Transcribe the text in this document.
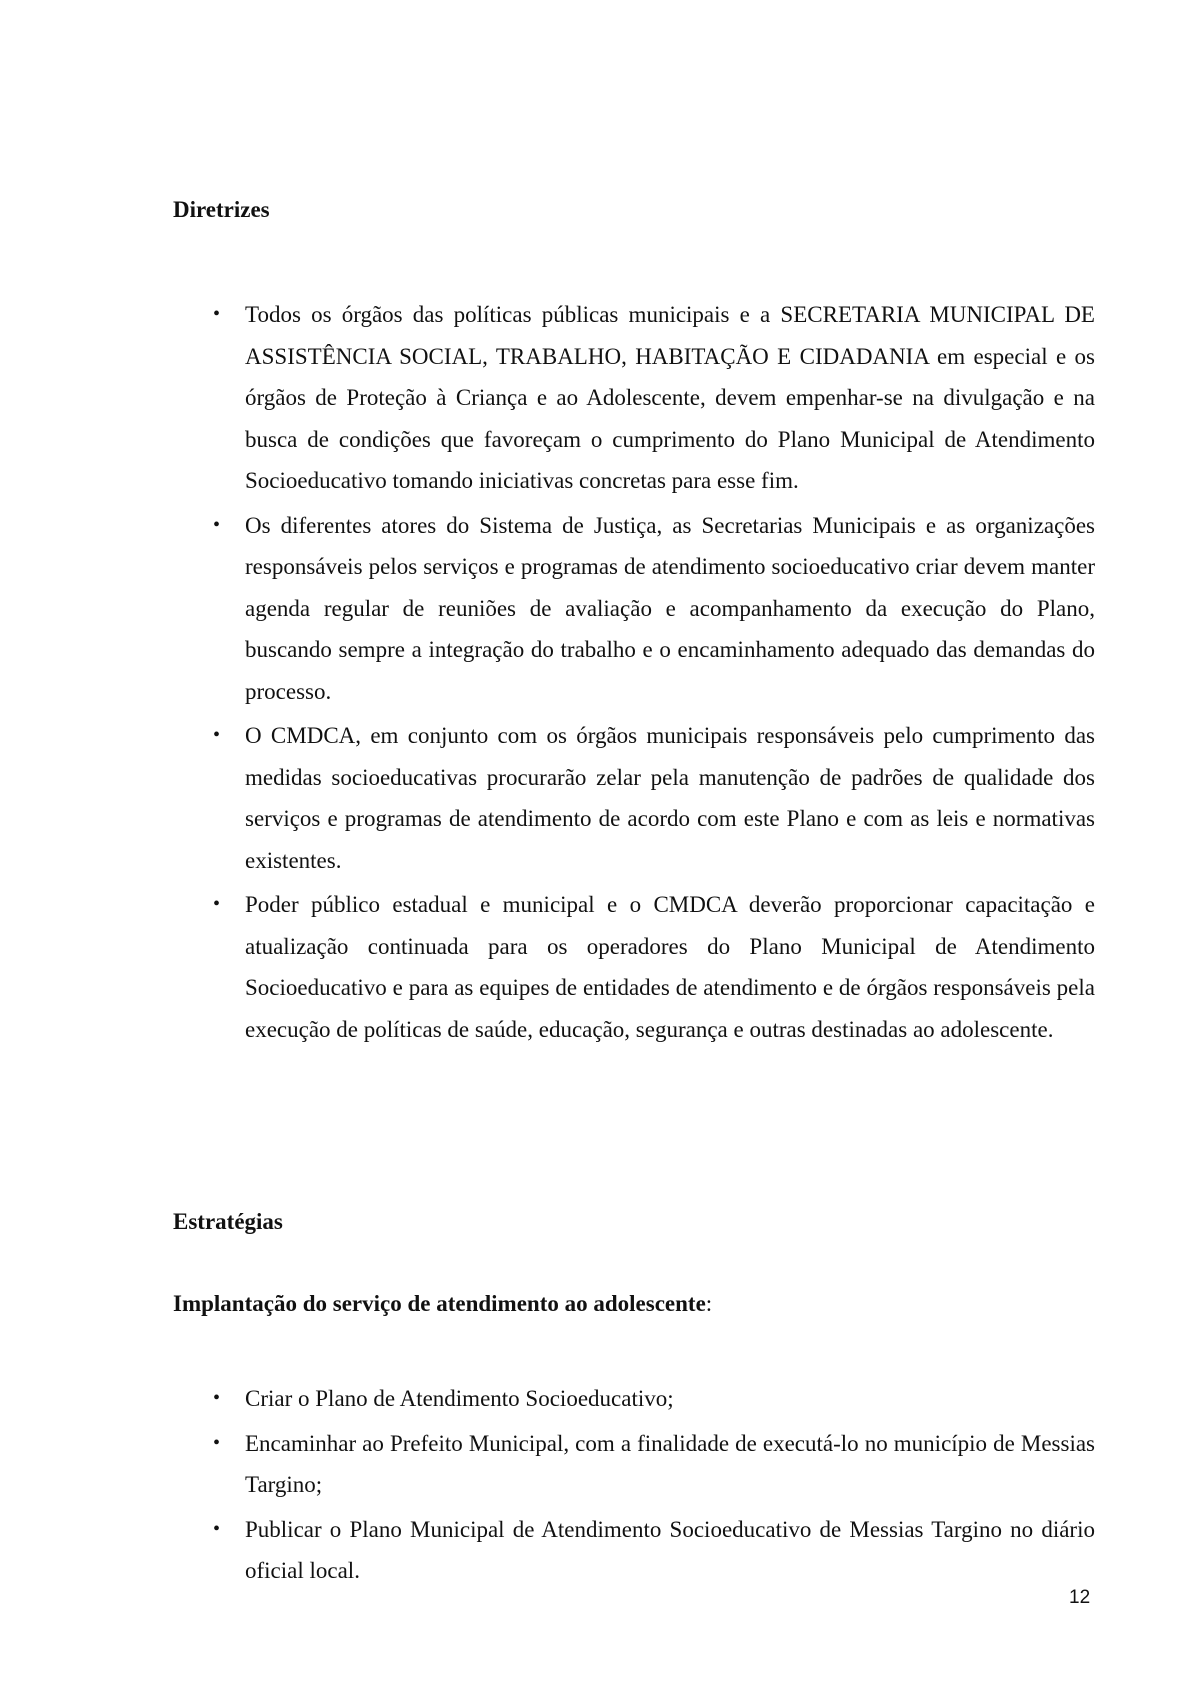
Diretrizes
• Todos os órgãos das políticas públicas municipais e a SECRETARIA MUNICIPAL DE ASSISTÊNCIA SOCIAL, TRABALHO, HABITAÇÃO E CIDADANIA em especial e os órgãos de Proteção à Criança e ao Adolescente, devem empenhar-se na divulgação e na busca de condições que favoreçam o cumprimento do Plano Municipal de Atendimento Socioeducativo tomando iniciativas concretas para esse fim.
• Os diferentes atores do Sistema de Justiça, as Secretarias Municipais e as organizações responsáveis pelos serviços e programas de atendimento socioeducativo criar devem manter agenda regular de reuniões de avaliação e acompanhamento da execução do Plano, buscando sempre a integração do trabalho e o encaminhamento adequado das demandas do processo.
• O CMDCA, em conjunto com os órgãos municipais responsáveis pelo cumprimento das medidas socioeducativas procurarão zelar pela manutenção de padrões de qualidade dos serviços e programas de atendimento de acordo com este Plano e com as leis e normativas existentes.
• Poder público estadual e municipal e o CMDCA deverão proporcionar capacitação e atualização continuada para os operadores do Plano Municipal de Atendimento Socioeducativo e para as equipes de entidades de atendimento e de órgãos responsáveis pela execução de políticas de saúde, educação, segurança e outras destinadas ao adolescente.
Estratégias

Implantação do serviço de atendimento ao adolescente:

• Criar o Plano de Atendimento Socioeducativo;
• Encaminhar ao Prefeito Municipal, com a finalidade de executá-lo no município de Messias Targino;
• Publicar o Plano Municipal de Atendimento Socioeducativo de Messias Targino no diário oficial local.
12
